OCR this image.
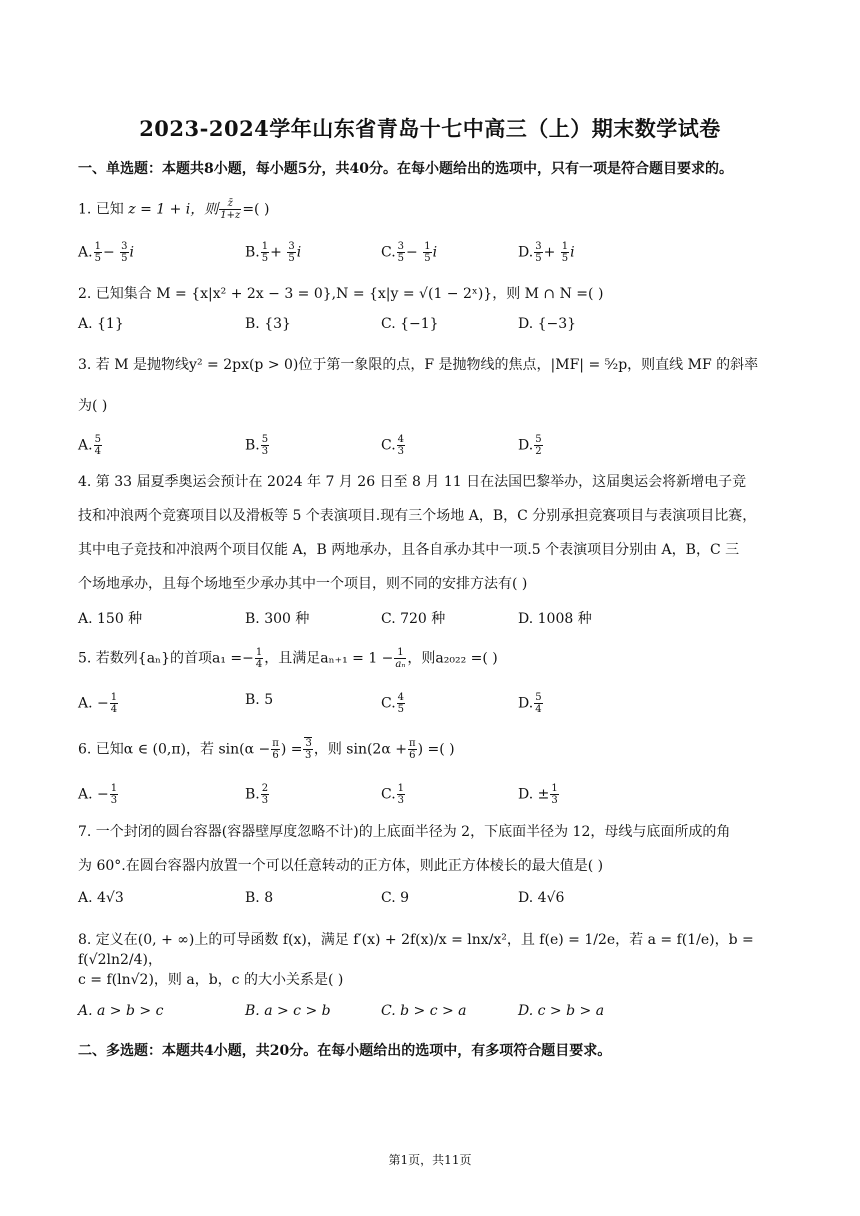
2023-2024学年山东省青岛十七中高三（上）期末数学试卷
一、单选题：本题共8小题，每小题5分，共40分。在每小题给出的选项中，只有一项是符合题目要求的。
1. 已知 z = 1 + i，则 $\frac{z̄}{1+z}$ =( )
A. $\frac{1}{5} - \frac{3}{5}$ i	B. $\frac{1}{5} + \frac{3}{5}$ i	C. $\frac{3}{5} - \frac{1}{5}$ i	D. $\frac{3}{5} + \frac{1}{5}$ i
2. 已知集合 M = {x|x² + 2x − 3 = 0},N = {x|y = √(1 − 2ˣ)}，则 M ∩ N =( )
A. {1}	B. {3}	C. {−1}	D. {−3}
3. 若 M 是抛物线y² = 2px(p > 0)位于第一象限的点，F 是抛物线的焦点，|MF| = ⁵⁄₂p，则直线 MF 的斜率
为( )
A. $\frac{5}{4}$	B. $\frac{5}{3}$	C. $\frac{4}{3}$	D. $\frac{5}{2}$
4. 第 33 届夏季奥运会预计在 2024 年 7 月 26 日至 8 月 11 日在法国巴黎举办，这届奥运会将新增电子竞
技和冲浪两个竞赛项目以及滑板等 5 个表演项目.现有三个场地 A，B，C 分别承担竞赛项目与表演项目比赛，
其中电子竞技和冲浪两个项目仅能 A，B 两地承办，且各自承办其中一项.5 个表演项目分别由 A，B，C 三
个场地承办，且每个场地至少承办其中一个项目，则不同的安排方法有( )
A. 150 种	B. 300 种	C. 720 种	D. 1008 种
5. 若数列{aₙ}的首项$a_1 =- \frac{1}{4}$ ，且满足$a_{n+1} = 1 - \frac{1}{\text{aₙ}}$ ，则a₂₀₂₂ =( )
A. − $\frac{1}{4}$	B. 5	C. $\frac{4}{5}$	D. $\frac{5}{4}$
6. 已知α ∈ (0,π)，若 $\sin(\alpha - \frac{\pi}{6}$ ) = $\frac{3}{3}$ ，则 $\sin(2\alpha + \frac{\pi}{6}$ ) =( )
A. − $\frac{1}{3}$	B. $\frac{2}{3}$	C. $\frac{1}{3}$	D. ± $\frac{1}{3}$
7. 一个封闭的圆台容器(容器壁厚度忽略不计)的上底面半径为 2，下底面半径为 12，母线与底面所成的角
为 60°.在圆台容器内放置一个可以任意转动的正方体，则此正方体棱长的最大值是( )
A. 4√3	B. 8	C. 9	D. 4√6
8. 定义在(0, + ∞)上的可导函数 f(x)，满足 f′(x) + 2f(x)/x = lnx/x²，且 f(e) = 1/2e，若 a = f(1/e)，b = f(√2ln2/4)，
c = f(ln√2)，则 a，b，c 的大小关系是( )
A. a > b > c	B. a > c > b	C. b > c > a	D. c > b > a
二、多选题：本题共4小题，共20分。在每小题给出的选项中，有多项符合题目要求。
第1页，共11页
